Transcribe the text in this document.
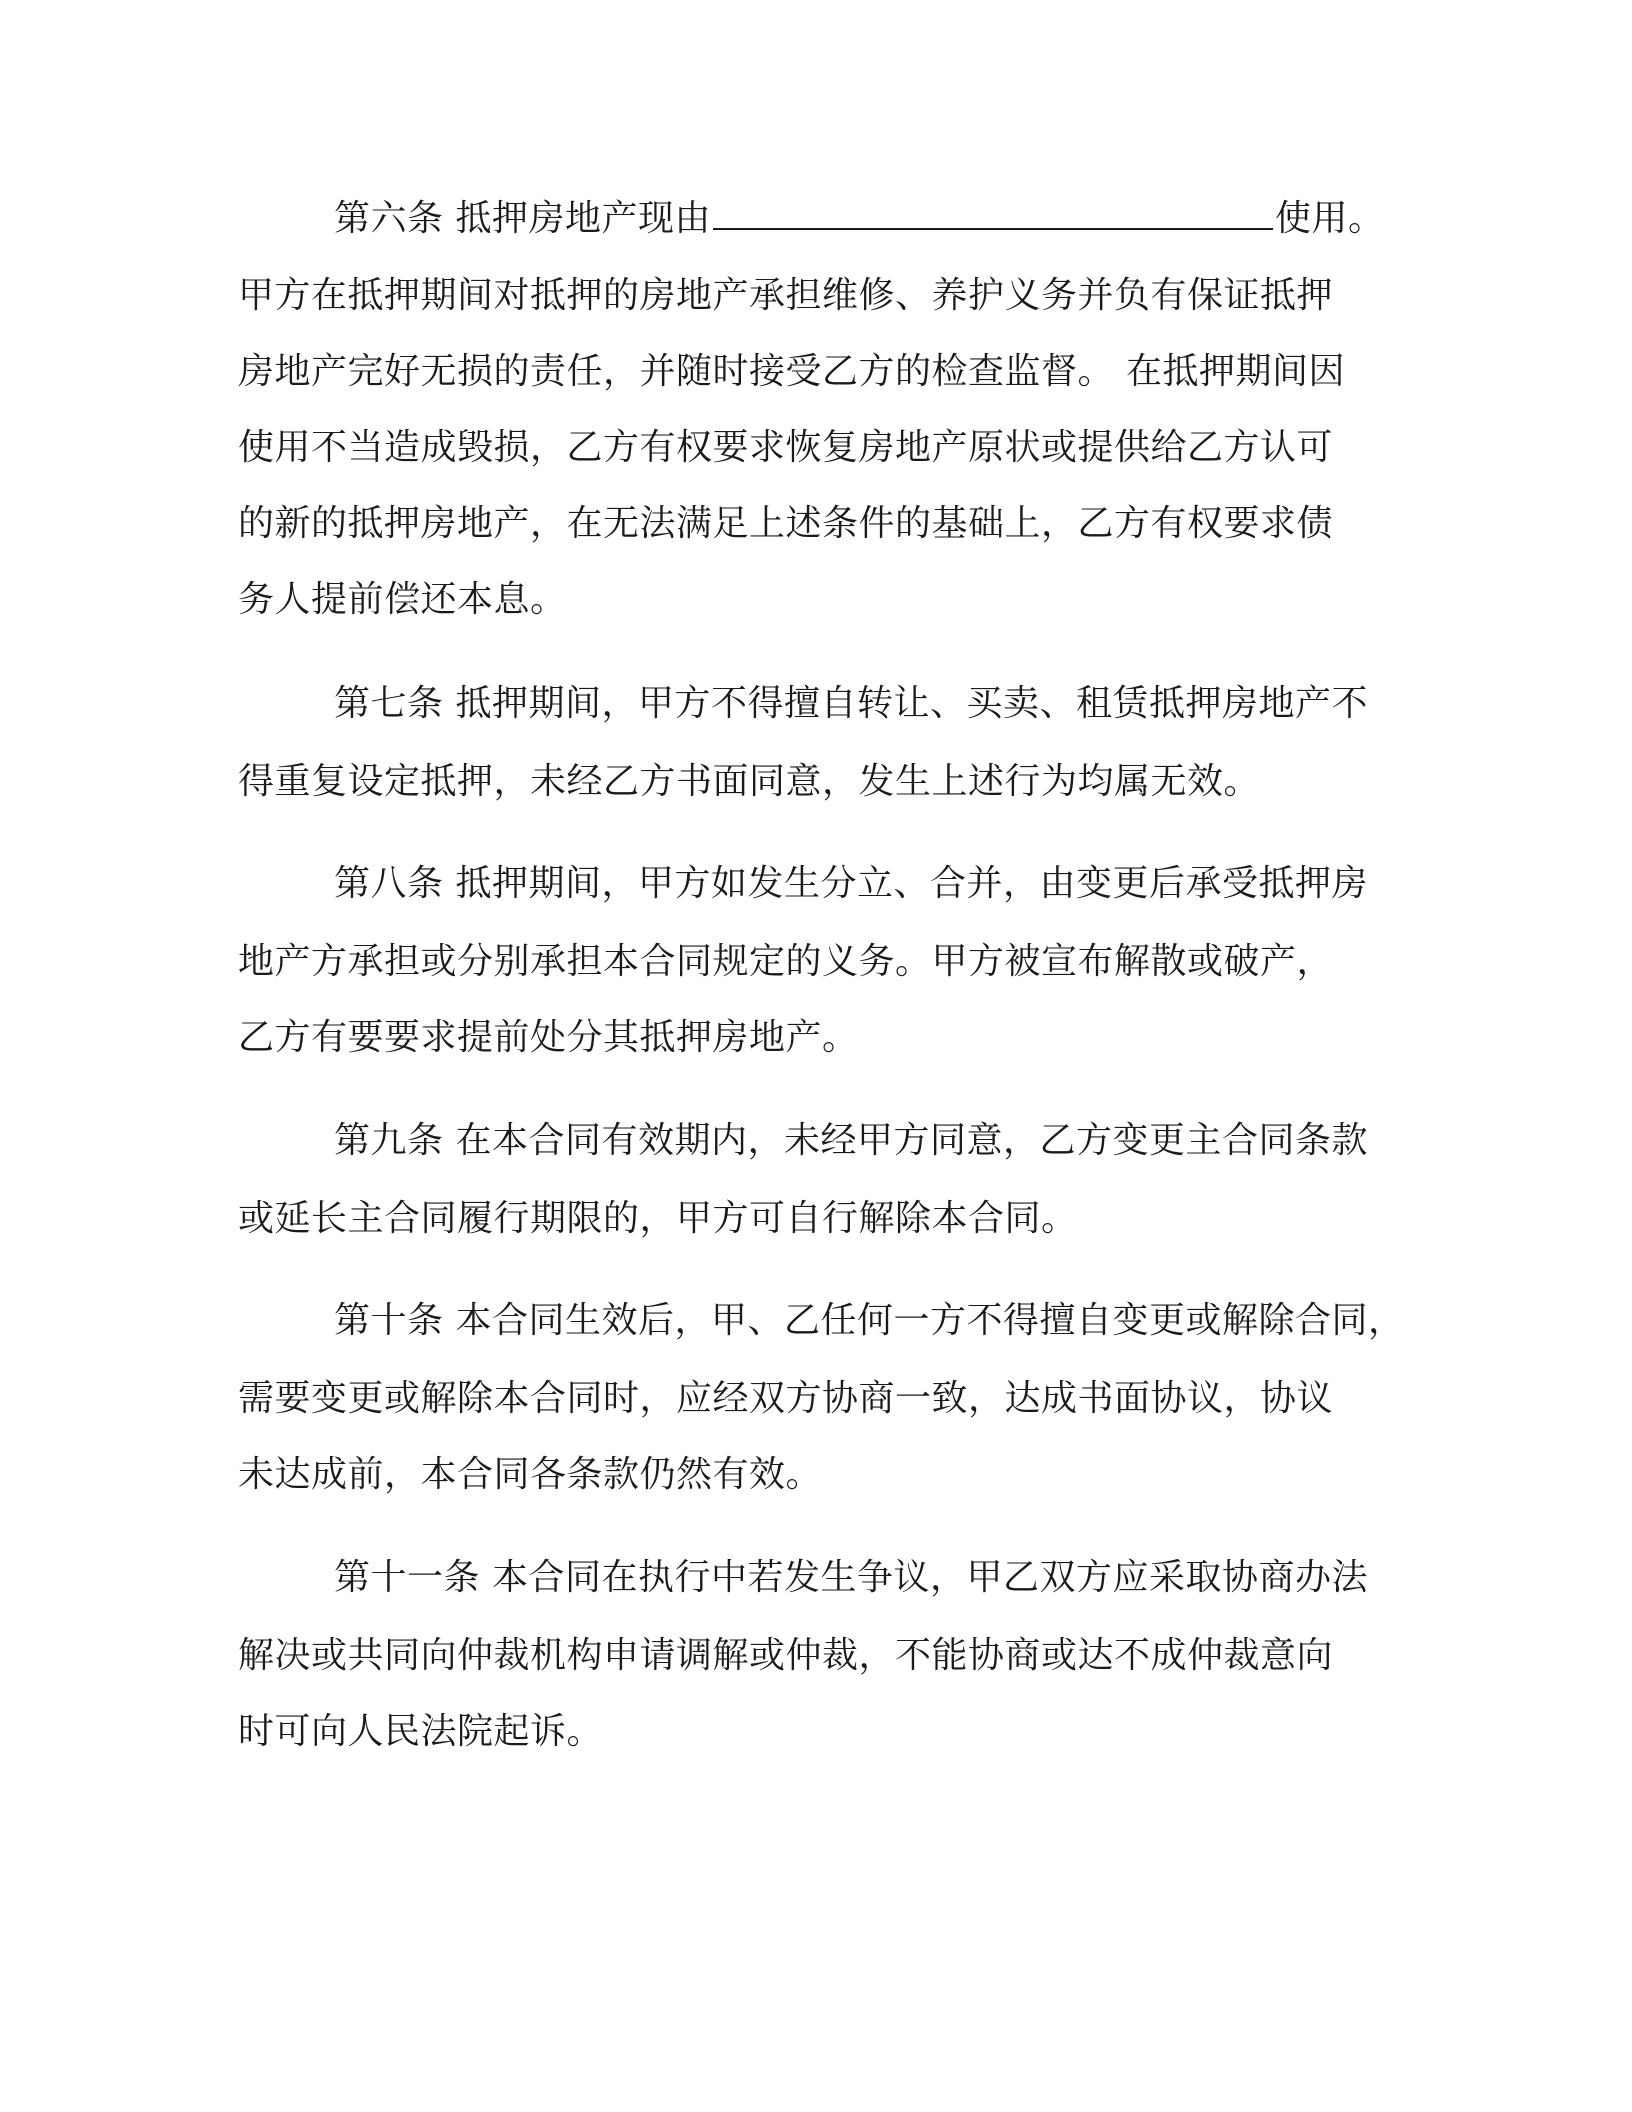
第六条 抵押房地产现由	使用。
甲方在抵押期间对抵押的房地产承担维修、养护义务并负有保证抵押
房地产完好无损的责任，并随时接受乙方的检查监督。 在抵押期间因
使用不当造成毁损，乙方有权要求恢复房地产原状或提供给乙方认可
的新的抵押房地产，在无法满足上述条件的基础上，乙方有权要求债
务人提前偿还本息。
第七条 抵押期间，甲方不得擅自转让、买卖、租赁抵押房地产不
得重复设定抵押，未经乙方书面同意，发生上述行为均属无效。
第八条 抵押期间，甲方如发生分立、合并，由变更后承受抵押房
地产方承担或分别承担本合同规定的义务。甲方被宣布解散或破产，
乙方有要要求提前处分其抵押房地产。
第九条 在本合同有效期内，未经甲方同意，乙方变更主合同条款
或延长主合同履行期限的，甲方可自行解除本合同。
第十条 本合同生效后，甲、乙任何一方不得擅自变更或解除合同，
需要变更或解除本合同时，应经双方协商一致，达成书面协议，协议
未达成前，本合同各条款仍然有效。
第十一条 本合同在执行中若发生争议，甲乙双方应采取协商办法
解决或共同向仲裁机构申请调解或仲裁，不能协商或达不成仲裁意向
时可向人民法院起诉。
